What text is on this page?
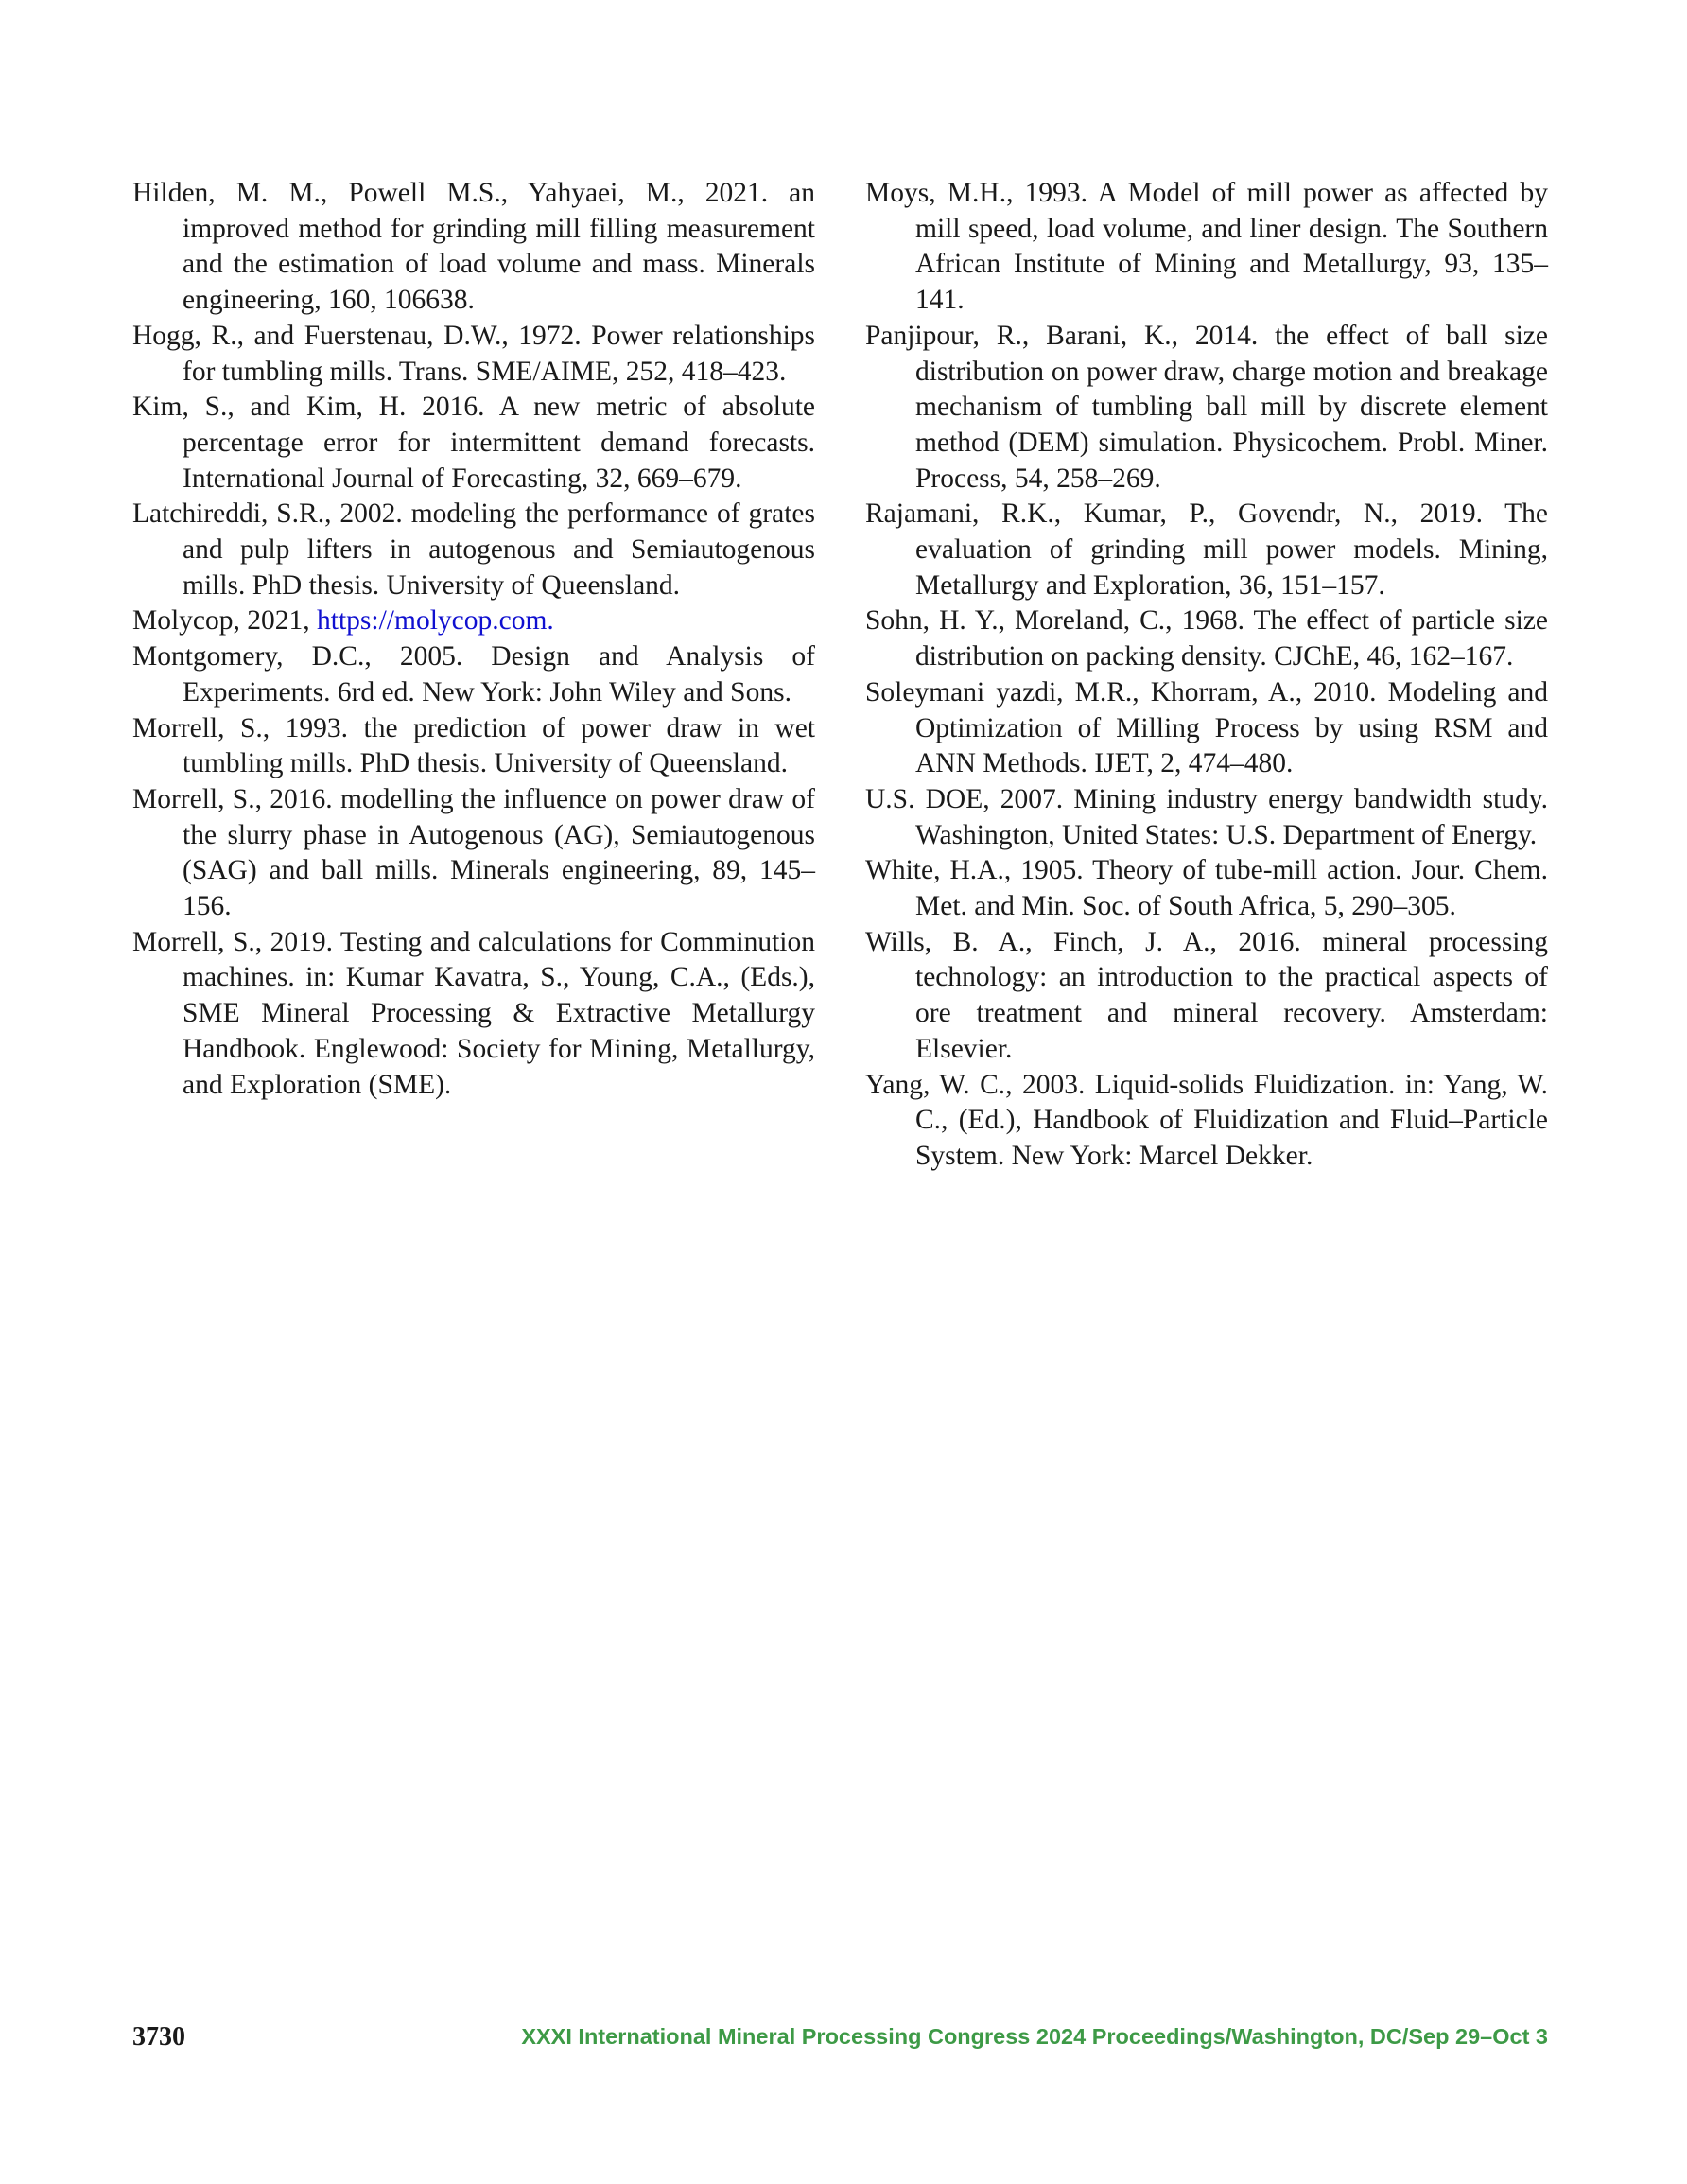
Hilden, M. M., Powell M.S., Yahyaei, M., 2021. an improved method for grinding mill filling measurement and the estimation of load volume and mass. Minerals engineering, 160, 106638.

Hogg, R., and Fuerstenau, D.W., 1972. Power relationships for tumbling mills. Trans. SME/AIME, 252, 418–423.

Kim, S., and Kim, H. 2016. A new metric of absolute percentage error for intermittent demand forecasts. International Journal of Forecasting, 32, 669–679.

Latchireddi, S.R., 2002. modeling the performance of grates and pulp lifters in autogenous and Semiautogenous mills. PhD thesis. University of Queensland.

Molycop, 2021, https://molycop.com.

Montgomery, D.C., 2005. Design and Analysis of Experiments. 6rd ed. New York: John Wiley and Sons.

Morrell, S., 1993. the prediction of power draw in wet tumbling mills. PhD thesis. University of Queensland.

Morrell, S., 2016. modelling the influence on power draw of the slurry phase in Autogenous (AG), Semiautogenous (SAG) and ball mills. Minerals engineering, 89, 145–156.

Morrell, S., 2019. Testing and calculations for Comminution machines. in: Kumar Kavatra, S., Young, C.A., (Eds.), SME Mineral Processing & Extractive Metallurgy Handbook. Englewood: Society for Mining, Metallurgy, and Exploration (SME).

Moys, M.H., 1993. A Model of mill power as affected by mill speed, load volume, and liner design. The Southern African Institute of Mining and Metallurgy, 93, 135–141.

Panjipour, R., Barani, K., 2014. the effect of ball size distribution on power draw, charge motion and breakage mechanism of tumbling ball mill by discrete element method (DEM) simulation. Physicochem. Probl. Miner. Process, 54, 258–269.

Rajamani, R.K., Kumar, P., Govendr, N., 2019. The evaluation of grinding mill power models. Mining, Metallurgy and Exploration, 36, 151–157.

Sohn, H. Y., Moreland, C., 1968. The effect of particle size distribution on packing density. CJChE, 46, 162–167.

Soleymani yazdi, M.R., Khorram, A., 2010. Modeling and Optimization of Milling Process by using RSM and ANN Methods. IJET, 2, 474–480.

U.S. DOE, 2007. Mining industry energy bandwidth study. Washington, United States: U.S. Department of Energy.

White, H.A., 1905. Theory of tube-mill action. Jour. Chem. Met. and Min. Soc. of South Africa, 5, 290–305.

Wills, B. A., Finch, J. A., 2016. mineral processing technology: an introduction to the practical aspects of ore treatment and mineral recovery. Amsterdam: Elsevier.

Yang, W. C., 2003. Liquid-solids Fluidization. in: Yang, W. C., (Ed.), Handbook of Fluidization and Fluid–Particle System. New York: Marcel Dekker.

3730	XXXI International Mineral Processing Congress 2024 Proceedings/Washington, DC/Sep 29–Oct 3
